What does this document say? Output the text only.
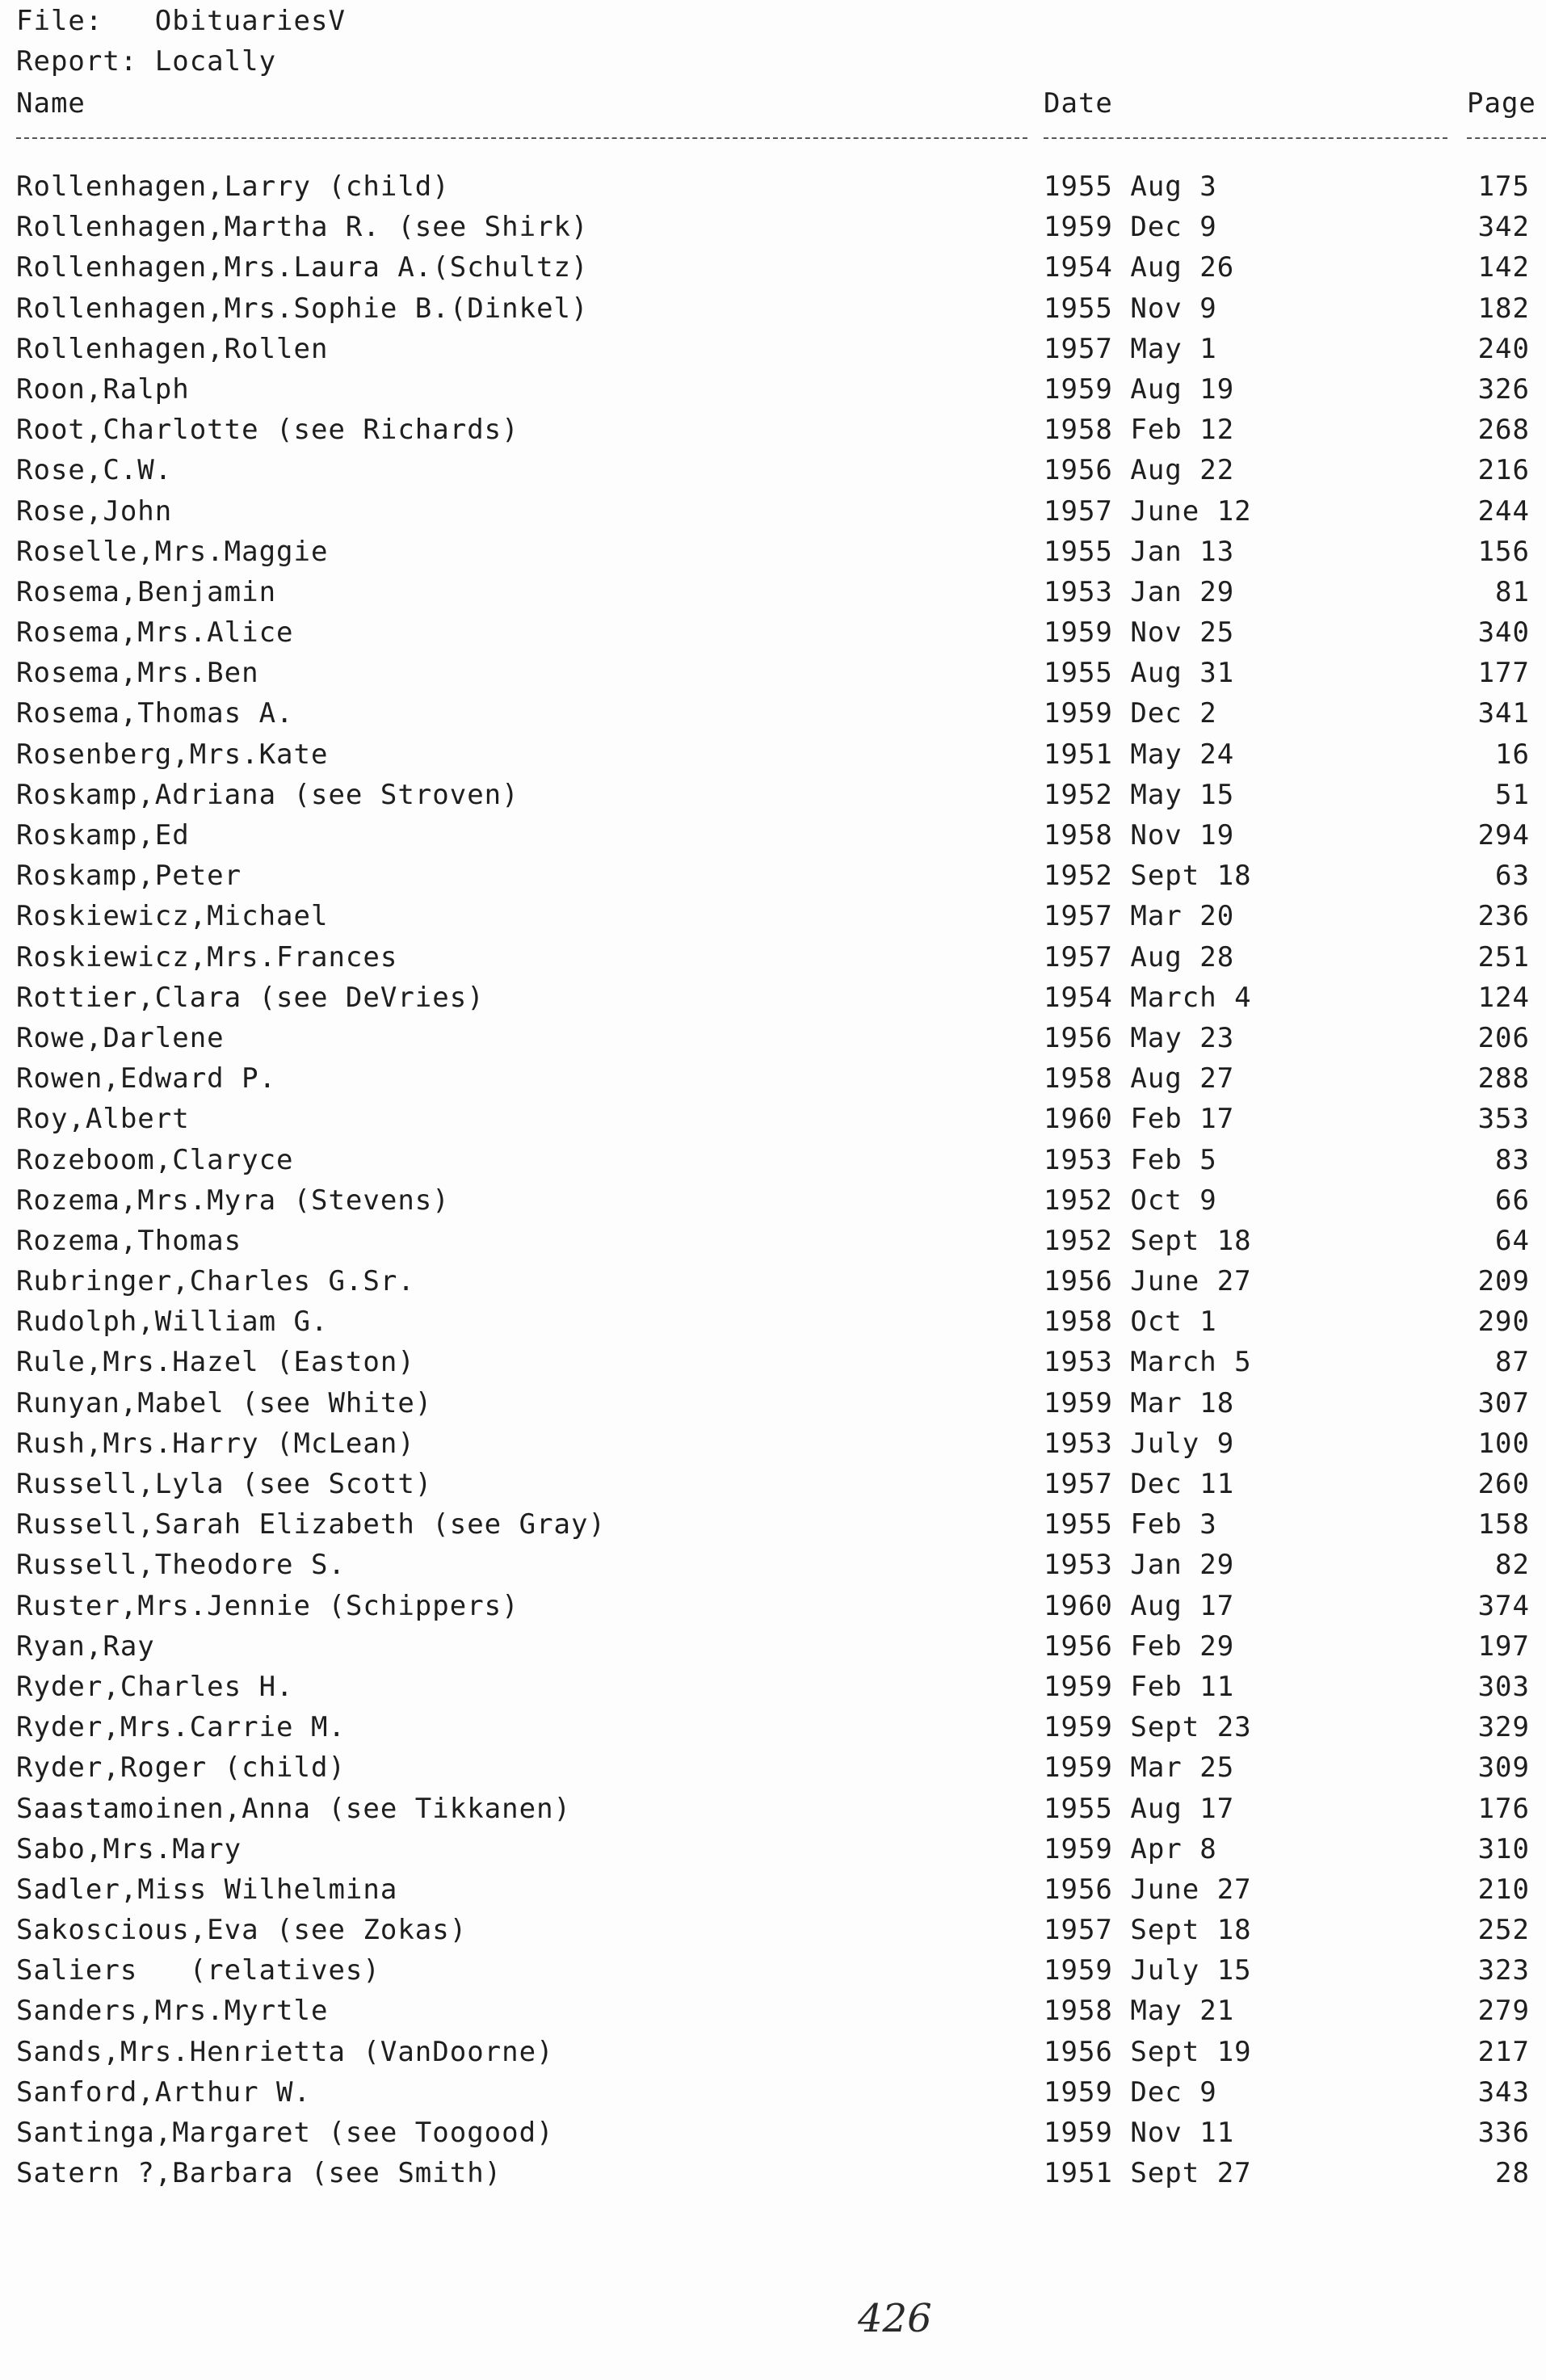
File:   ObituariesV
Report: Locally
Name	Date	Page
Rollenhagen,Larry (child)	1955 Aug 3	175
Rollenhagen,Martha R. (see Shirk)	1959 Dec 9	342
Rollenhagen,Mrs.Laura A.(Schultz)	1954 Aug 26	142
Rollenhagen,Mrs.Sophie B.(Dinkel)	1955 Nov 9	182
Rollenhagen,Rollen	1957 May 1	240
Roon,Ralph	1959 Aug 19	326
Root,Charlotte (see Richards)	1958 Feb 12	268
Rose,C.W.	1956 Aug 22	216
Rose,John	1957 June 12	244
Roselle,Mrs.Maggie	1955 Jan 13	156
Rosema,Benjamin	1953 Jan 29	81
Rosema,Mrs.Alice	1959 Nov 25	340
Rosema,Mrs.Ben	1955 Aug 31	177
Rosema,Thomas A.	1959 Dec 2	341
Rosenberg,Mrs.Kate	1951 May 24	16
Roskamp,Adriana (see Stroven)	1952 May 15	51
Roskamp,Ed	1958 Nov 19	294
Roskamp,Peter	1952 Sept 18	63
Roskiewicz,Michael	1957 Mar 20	236
Roskiewicz,Mrs.Frances	1957 Aug 28	251
Rottier,Clara (see DeVries)	1954 March 4	124
Rowe,Darlene	1956 May 23	206
Rowen,Edward P.	1958 Aug 27	288
Roy,Albert	1960 Feb 17	353
Rozeboom,Claryce	1953 Feb 5	83
Rozema,Mrs.Myra (Stevens)	1952 Oct 9	66
Rozema,Thomas	1952 Sept 18	64
Rubringer,Charles G.Sr.	1956 June 27	209
Rudolph,William G.	1958 Oct 1	290
Rule,Mrs.Hazel (Easton)	1953 March 5	87
Runyan,Mabel (see White)	1959 Mar 18	307
Rush,Mrs.Harry (McLean)	1953 July 9	100
Russell,Lyla (see Scott)	1957 Dec 11	260
Russell,Sarah Elizabeth (see Gray)	1955 Feb 3	158
Russell,Theodore S.	1953 Jan 29	82
Ruster,Mrs.Jennie (Schippers)	1960 Aug 17	374
Ryan,Ray	1956 Feb 29	197
Ryder,Charles H.	1959 Feb 11	303
Ryder,Mrs.Carrie M.	1959 Sept 23	329
Ryder,Roger (child)	1959 Mar 25	309
Saastamoinen,Anna (see Tikkanen)	1955 Aug 17	176
Sabo,Mrs.Mary	1959 Apr 8	310
Sadler,Miss Wilhelmina	1956 June 27	210
Sakoscious,Eva (see Zokas)	1957 Sept 18	252
Saliers   (relatives)	1959 July 15	323
Sanders,Mrs.Myrtle	1958 May 21	279
Sands,Mrs.Henrietta (VanDoorne)	1956 Sept 19	217
Sanford,Arthur W.	1959 Dec 9	343
Santinga,Margaret (see Toogood)	1959 Nov 11	336
Satern ?,Barbara (see Smith)	1951 Sept 27	28
426
